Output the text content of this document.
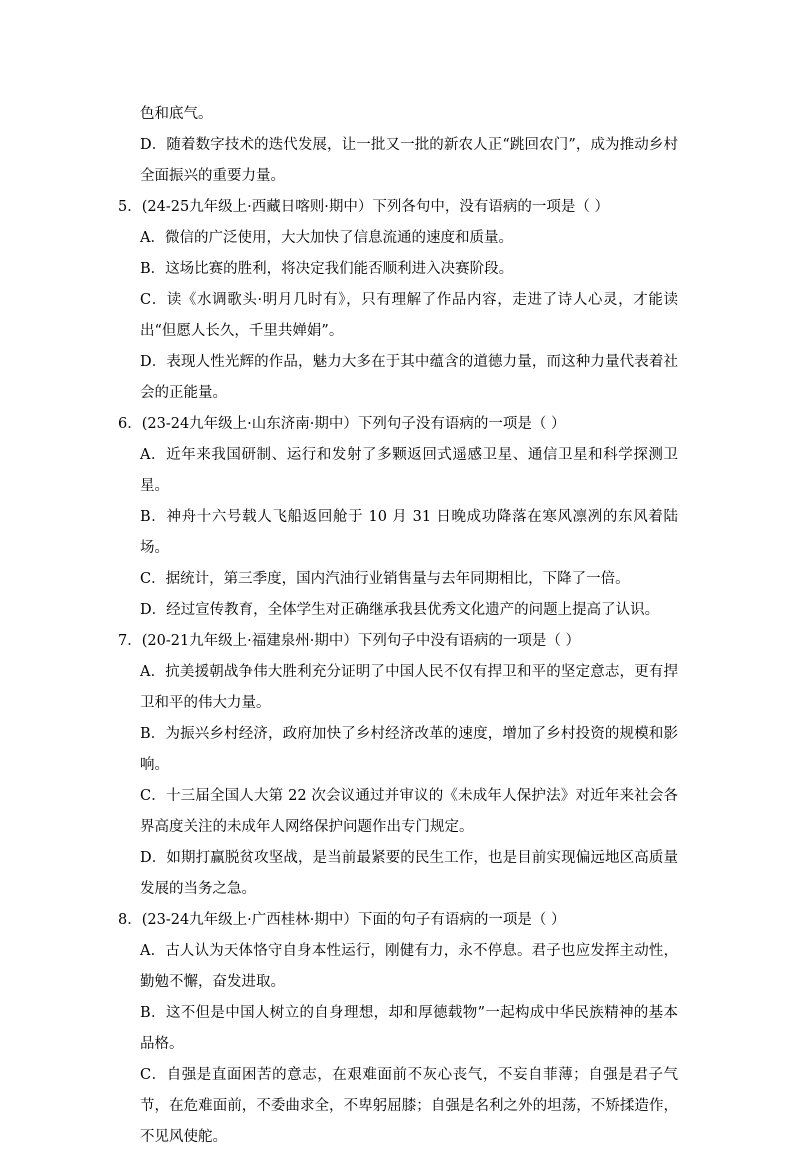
色和底气。

D．随着数字技术的迭代发展，让一批又一批的新农人正“跳回农门”，成为推动乡村全面振兴的重要力量。

5．(24-25九年级上·西藏日喀则·期中）下列各句中，没有语病的一项是（ ）

A．微信的广泛使用，大大加快了信息流通的速度和质量。

B．这场比赛的胜利，将决定我们能否顺利进入决赛阶段。

C．读《水调歌头·明月几时有》，只有理解了作品内容，走进了诗人心灵，才能读出“但愿人长久，千里共婵娟”。

D．表现人性光辉的作品，魅力大多在于其中蕴含的道德力量，而这种力量代表着社会的正能量。

6．(23-24九年级上·山东济南·期中）下列句子没有语病的一项是（ ）

A．近年来我国研制、运行和发射了多颗返回式遥感卫星、通信卫星和科学探测卫星。

B．神舟十六号载人飞船返回舱于 10 月 31 日晚成功降落在寒风凛冽的东风着陆场。

C．据统计，第三季度，国内汽油行业销售量与去年同期相比，下降了一倍。

D．经过宣传教育，全体学生对正确继承我县优秀文化遗产的问题上提高了认识。

7．(20-21九年级上·福建泉州·期中）下列句子中没有语病的一项是（ ）

A．抗美援朝战争伟大胜利充分证明了中国人民不仅有捍卫和平的坚定意志，更有捍卫和平的伟大力量。

B．为振兴乡村经济，政府加快了乡村经济改革的速度，增加了乡村投资的规模和影响。

C．十三届全国人大第 22 次会议通过并审议的《未成年人保护法》对近年来社会各界高度关注的未成年人网络保护问题作出专门规定。

D．如期打赢脱贫攻坚战，是当前最紧要的民生工作，也是目前实现偏远地区高质量发展的当务之急。

8．(23-24九年级上·广西桂林·期中）下面的句子有语病的一项是（ ）

A．古人认为天体恪守自身本性运行，刚健有力，永不停息。君子也应发挥主动性，勤勉不懈，奋发进取。

B．这不但是中国人树立的自身理想，却和厚德载物”一起构成中华民族精神的基本品格。

C．自强是直面困苦的意志，在艰难面前不灰心丧气，不妄自菲薄；自强是君子气节，在危难面前，不委曲求全，不卑躬屈膝；自强是名利之外的坦荡，不矫揉造作，不见风使舵。
